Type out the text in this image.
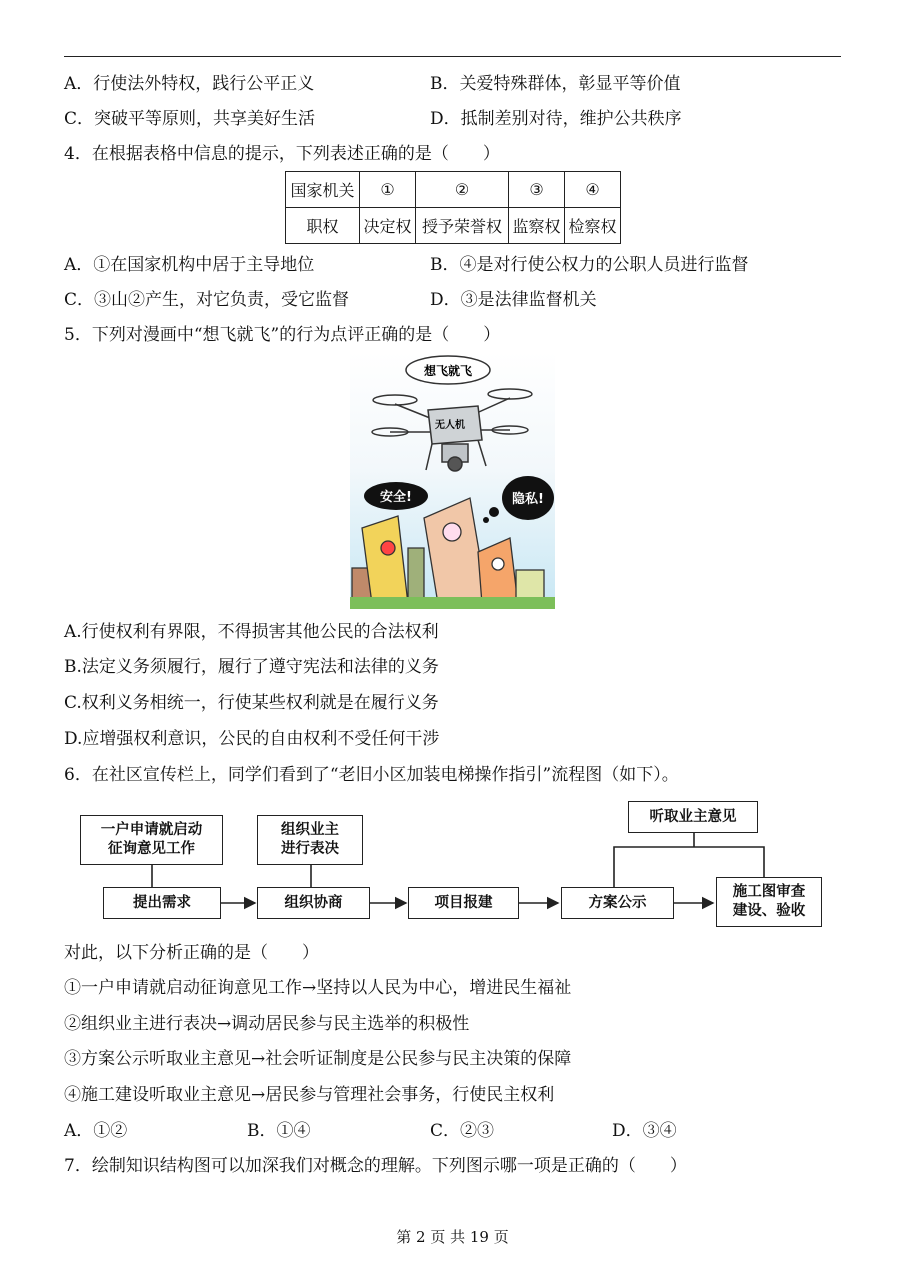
A．行使法外特权，践行公平正义	B．关爱特殊群体，彰显平等价值
C．突破平等原则，共享美好生活	D．抵制差别对待，维护公共秩序
4．在根据表格中信息的提示，下列表述正确的是（　　）
国家机关	①	②	③	④
职权	决定权	授予荣誉权	监察权	检察权
A．①在国家机构中居于主导地位	B．④是对行使公权力的公职人员进行监督
C．③山②产生，对它负责，受它监督	D．③是法律监督机关
5．下列对漫画中“想飞就飞”的行为点评正确的是（　　）
想飞就飞
无人机
安全!	隐私!
A.行使权利有界限，不得损害其他公民的合法权利
B.法定义务须履行，履行了遵守宪法和法律的义务
C.权利义务相统一，行使某些权利就是在履行义务
D.应增强权利意识，公民的自由权利不受任何干涉
6．在社区宣传栏上，同学们看到了“老旧小区加装电梯操作指引”流程图（如下）。
一户申请就启动
征询意见工作
组织业主
进行表决
听取业主意见
提出需求	组织协商	项目报建	方案公示
施工图审查
建设、验收
对此，以下分析正确的是（　　）
①一户申请就启动征询意见工作→坚持以人民为中心，增进民生福祉
②组织业主进行表决→调动居民参与民主选举的积极性
③方案公示听取业主意见→社会听证制度是公民参与民主决策的保障
④施工建设听取业主意见→居民参与管理社会事务，行使民主权利
A．①②	B．①④	C．②③	D．③④
7．绘制知识结构图可以加深我们对概念的理解。下列图示哪一项是正确的（　　）
第 2 页 共 19 页
